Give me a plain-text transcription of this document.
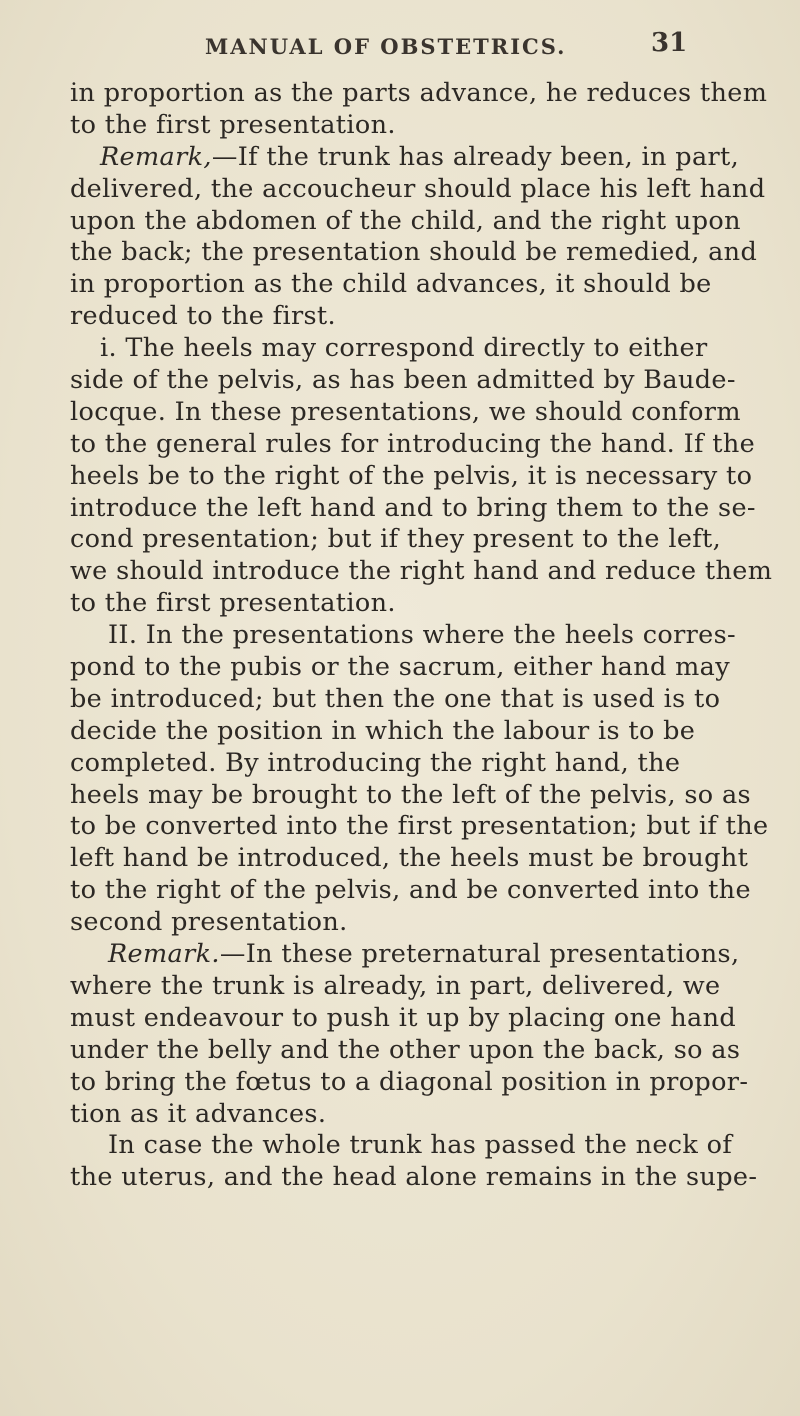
MANUAL OF OBSTETRICS.	31
in proportion as the parts advance, he reduces them
to the first presentation.
Remark,—If the trunk has already been, in part,
delivered, the accoucheur should place his left hand
upon the abdomen of the child, and the right upon
the back; the presentation should be remedied, and
in proportion as the child advances, it should be
reduced to the first.
i. The heels may correspond directly to either
side of the pelvis, as has been admitted by Baude-
locque. In these presentations, we should conform
to the general rules for introducing the hand. If the
heels be to the right of the pelvis, it is necessary to
introduce the left hand and to bring them to the se-
cond presentation; but if they present to the left,
we should introduce the right hand and reduce them
to the first presentation.
II. In the presentations where the heels corres-
pond to the pubis or the sacrum, either hand may
be introduced; but then the one that is used is to
decide the position in which the labour is to be
completed. By introducing the right hand, the
heels may be brought to the left of the pelvis, so as
to be converted into the first presentation; but if the
left hand be introduced, the heels must be brought
to the right of the pelvis, and be converted into the
second presentation.
Remark.—In these preternatural presentations,
where the trunk is already, in part, delivered, we
must endeavour to push it up by placing one hand
under the belly and the other upon the back, so as
to bring the fœtus to a diagonal position in propor-
tion as it advances.
In case the whole trunk has passed the neck of
the uterus, and the head alone remains in the supe-
